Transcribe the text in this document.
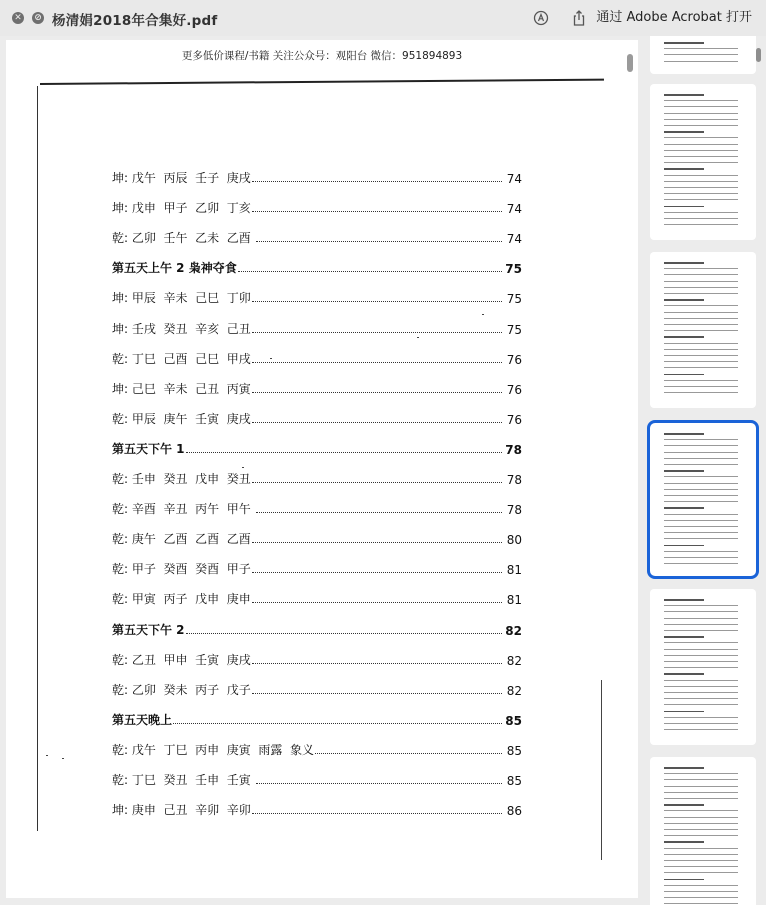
✕ ⊘ 杨清娟2018年合集好.pdf	通过 Adobe Acrobat 打开
更多低价课程/书籍 关注公众号：观阳台 微信：951894893
坤: 戊午  丙辰  壬子  庚戌	74
坤: 戊申  甲子  乙卯  丁亥	74
乾: 乙卯  壬午  乙未  乙酉	74
第五天上午 2 枭神夺食	75
坤: 甲辰  辛未  己巳  丁卯	75
坤: 壬戌  癸丑  辛亥  己丑	75
乾: 丁巳  己酉  己巳  甲戌	76
坤: 己巳  辛未  己丑  丙寅	76
乾: 甲辰  庚午  壬寅  庚戌	76
第五天下午 1	78
乾: 壬申  癸丑  戊申  癸丑	78
乾: 辛酉  辛丑  丙午  甲午	78
乾: 庚午  乙酉  乙酉  乙酉	80
乾: 甲子  癸酉  癸酉  甲子	81
乾: 甲寅  丙子  戊申  庚申	81
第五天下午 2	82
乾: 乙丑  甲申  壬寅  庚戌	82
乾: 乙卯  癸未  丙子  戊子	82
第五天晚上	85
乾: 戊午  丁巳  丙申  庚寅  雨露  象义	85
乾: 丁巳  癸丑  壬申  壬寅	85
坤: 庚申  己丑  辛卯  辛卯	86
